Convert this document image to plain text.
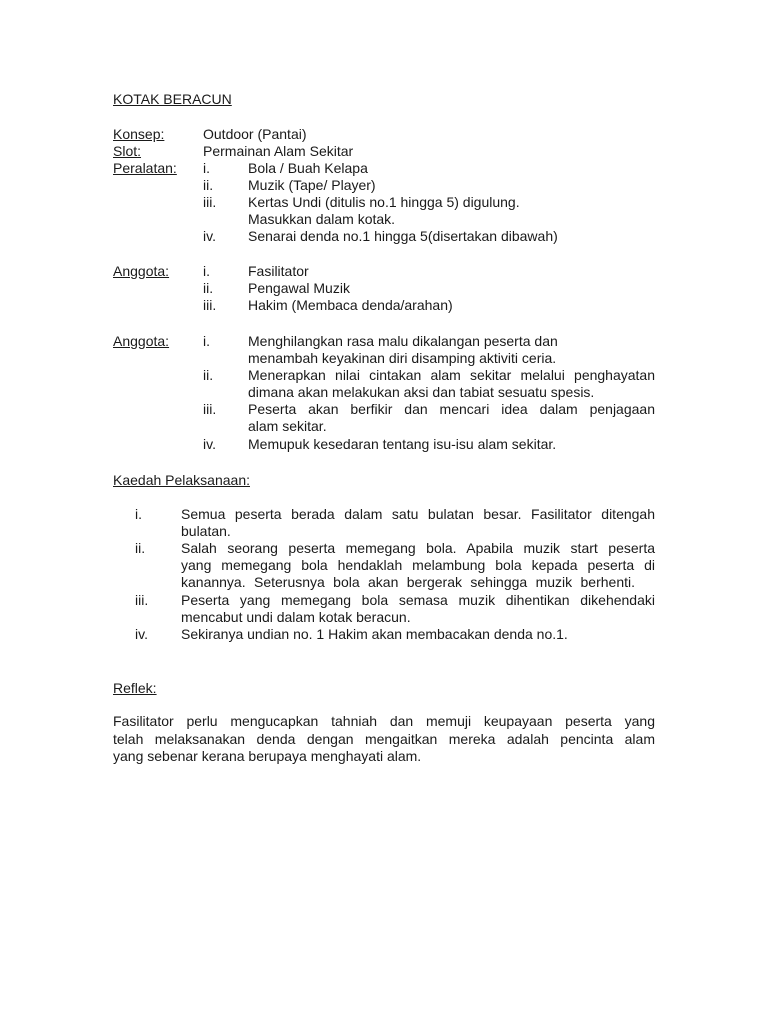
KOTAK BERACUN
Konsep:	Outdoor (Pantai)
Slot:	Permainan Alam Sekitar
Peralatan: i.	Bola / Buah Kelapa
ii. Muzik (Tape/ Player)
iii. Kertas Undi (ditulis no.1 hingga 5) digulung.
Masukkan dalam kotak.
iv. Senarai denda no.1 hingga 5(disertakan dibawah)
Anggota: i.	Fasilitator
ii. Pengawal Muzik
iii. Hakim (Membaca denda/arahan)
Anggota: i.	Menghilangkan rasa malu dikalangan peserta dan
menambah keyakinan diri disamping aktiviti ceria.
ii. Menerapkan nilai cintakan alam sekitar melalui penghayatan
dimana akan melakukan aksi dan tabiat sesuatu spesis.
iii. Peserta akan berfikir dan mencari idea dalam penjagaan
alam sekitar.
iv. Memupuk kesedaran tentang isu-isu alam sekitar.
Kaedah Pelaksanaan:
i.	Semua peserta berada dalam satu bulatan besar. Fasilitator ditengah
bulatan.
ii.	Salah seorang peserta memegang bola. Apabila muzik start peserta
yang memegang bola hendaklah melambung bola kepada peserta di
kanannya. Seterusnya bola akan bergerak sehingga muzik berhenti.
iii. Peserta yang memegang bola semasa muzik dihentikan dikehendaki
mencabut undi dalam kotak beracun.
iv. Sekiranya undian no. 1 Hakim akan membacakan denda no.1.
Reflek:
Fasilitator perlu mengucapkan tahniah dan memuji keupayaan peserta yang
telah melaksanakan denda dengan mengaitkan mereka adalah pencinta alam
yang sebenar kerana berupaya menghayati alam.
